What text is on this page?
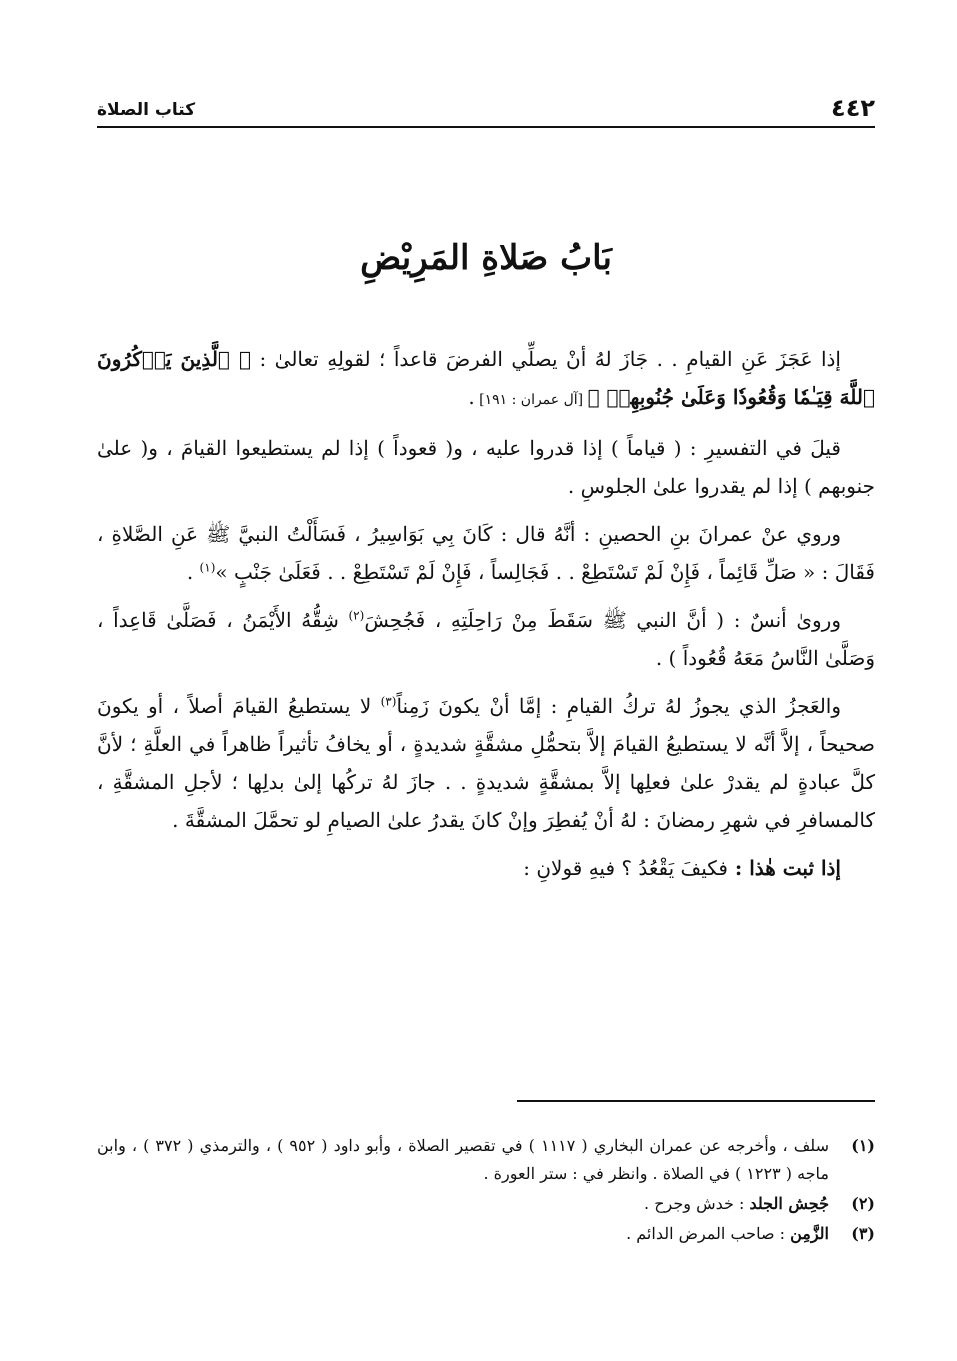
٤٤٢
كتاب الصلاة
بَابُ صَلاةِ المَرِيْضِ

إذا عَجَزَ عَنِ القيامِ . . جَازَ لهُ أنْ يصلِّي الفرضَ قاعداً ؛ لقولِهِ تعالىٰ : ﴿ ٱلَّذِينَ يَذۡكُرُونَ ٱللَّهَ قِيَـٰمٗا وَقُعُودٗا وَعَلَىٰ جُنُوبِهِمۡ ﴾ [آل عمران : ١٩١] .

قيلَ في التفسيرِ : ( قياماً ) إذا قدروا عليه ، و( قعوداً ) إذا لم يستطيعوا القيامَ ، و( علىٰ جنوبهم ) إذا لم يقدروا علىٰ الجلوسِ .

وروي عنْ عمرانَ بنِ الحصينِ : أنَّهُ قال : كَانَ بِي بَوَاسِيرُ ، فَسَأَلْتُ النبيَّ ﷺ عَنِ الصَّلاةِ ، فَقَالَ : « صَلِّ قَائِماً ، فَإِنْ لَمْ تَسْتَطِعْ . . فَجَالِساً ، فَإِنْ لَمْ تَسْتَطِعْ . . فَعَلَىٰ جَنْبٍ »$^{(١)}$ .

ورویٰ أنسٌ : ( أنَّ النبي ﷺ سَقَطَ مِنْ رَاحِلَتِهِ ، فَجُحِشَ$^{(٢)}$ شِقُّهُ الأَيْمَنُ ، فَصَلَّىٰ قَاعِداً ، وَصَلَّىٰ النَّاسُ مَعَهُ قُعُوداً ) .

والعَجزُ الذي يجوزُ لهُ تركُ القيامِ : إمَّا أنْ يكونَ زَمِناً$^{(٣)}$ لا يستطيعُ القيامَ أصلاً ، أو يكونَ صحيحاً ، إلاَّ أنَّه لا يستطيعُ القيامَ إلاَّ بتحمُّلِ مشقَّةٍ شديدةٍ ، أو يخافُ تأثيراً ظاهراً في العلَّةِ ؛ لأنَّ كلَّ عبادةٍ لم يقدرْ علىٰ فعلِها إلاَّ بمشقَّةٍ شديدةٍ . . جازَ لهُ تركُها إلىٰ بدلِها ؛ لأجلِ المشقَّةِ ، كالمسافرِ في شهرِ رمضانَ : لهُ أنْ يُفطِرَ وإنْ كانَ يقدرُ علىٰ الصيامِ لو تحمَّلَ المشقَّةَ .

إذا ثبت هٰذا : فكيفَ يَقْعُدُ ؟ فيهِ قولانِ :

(١)
سلف ، وأخرجه عن عمران البخاري ( ١١١٧ ) في تقصير الصلاة ، وأبو داود ( ٩٥٢ ) ، والترمذي ( ٣٧٢ ) ، وابن ماجه ( ١٢٢٣ ) في الصلاة . وانظر في : ستر العورة .
(٢)
جُحِش الجلد : خدش وجرح .
(٣)
الزَّمِن : صاحب المرض الدائم .
